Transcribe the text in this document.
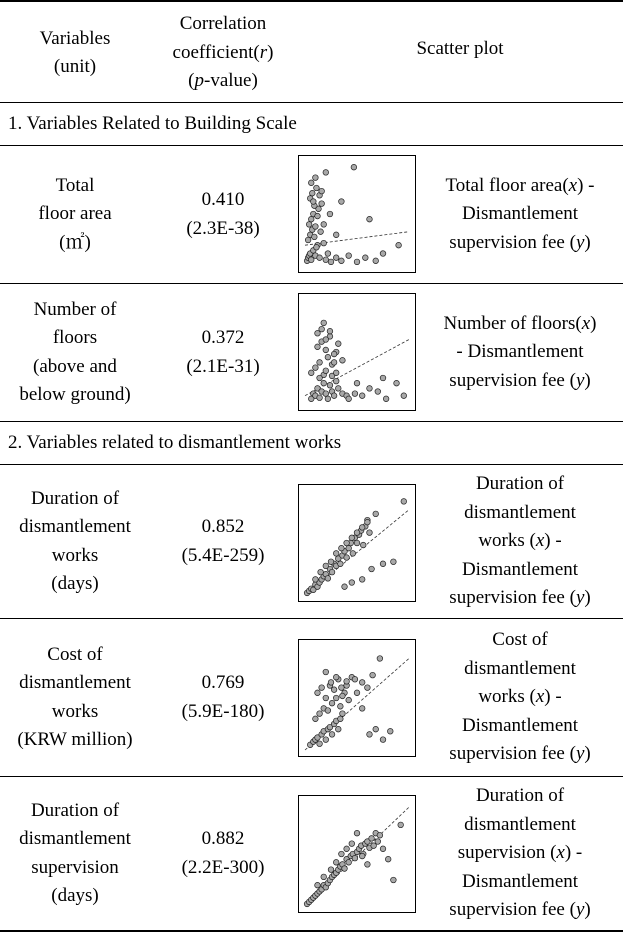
Variables
(unit)
Correlation
coefficient(r)
(p-value)
Scatter plot
1. Variables Related to Building Scale
2. Variables related to dismantlement works
Total
floor area
(㎡)
0.410
(2.3E-38)
Total floor area(x) -
Dismantlement
supervision fee (y)
Number of
floors
(above and
below ground)
0.372
(2.1E-31)
Number of floors(x)
- Dismantlement
supervision fee (y)
Duration of
dismantlement
works
(days)
0.852
(5.4E-259)
Duration of
dismantlement
works (x) -
Dismantlement
supervision fee (y)
Cost of
dismantlement
works
(KRW million)
0.769
(5.9E-180)
Cost of
dismantlement
works (x) -
Dismantlement
supervision fee (y)
Duration of
dismantlement
supervision
(days)
0.882
(2.2E-300)
Duration of
dismantlement
supervision (x) -
Dismantlement
supervision fee (y)
